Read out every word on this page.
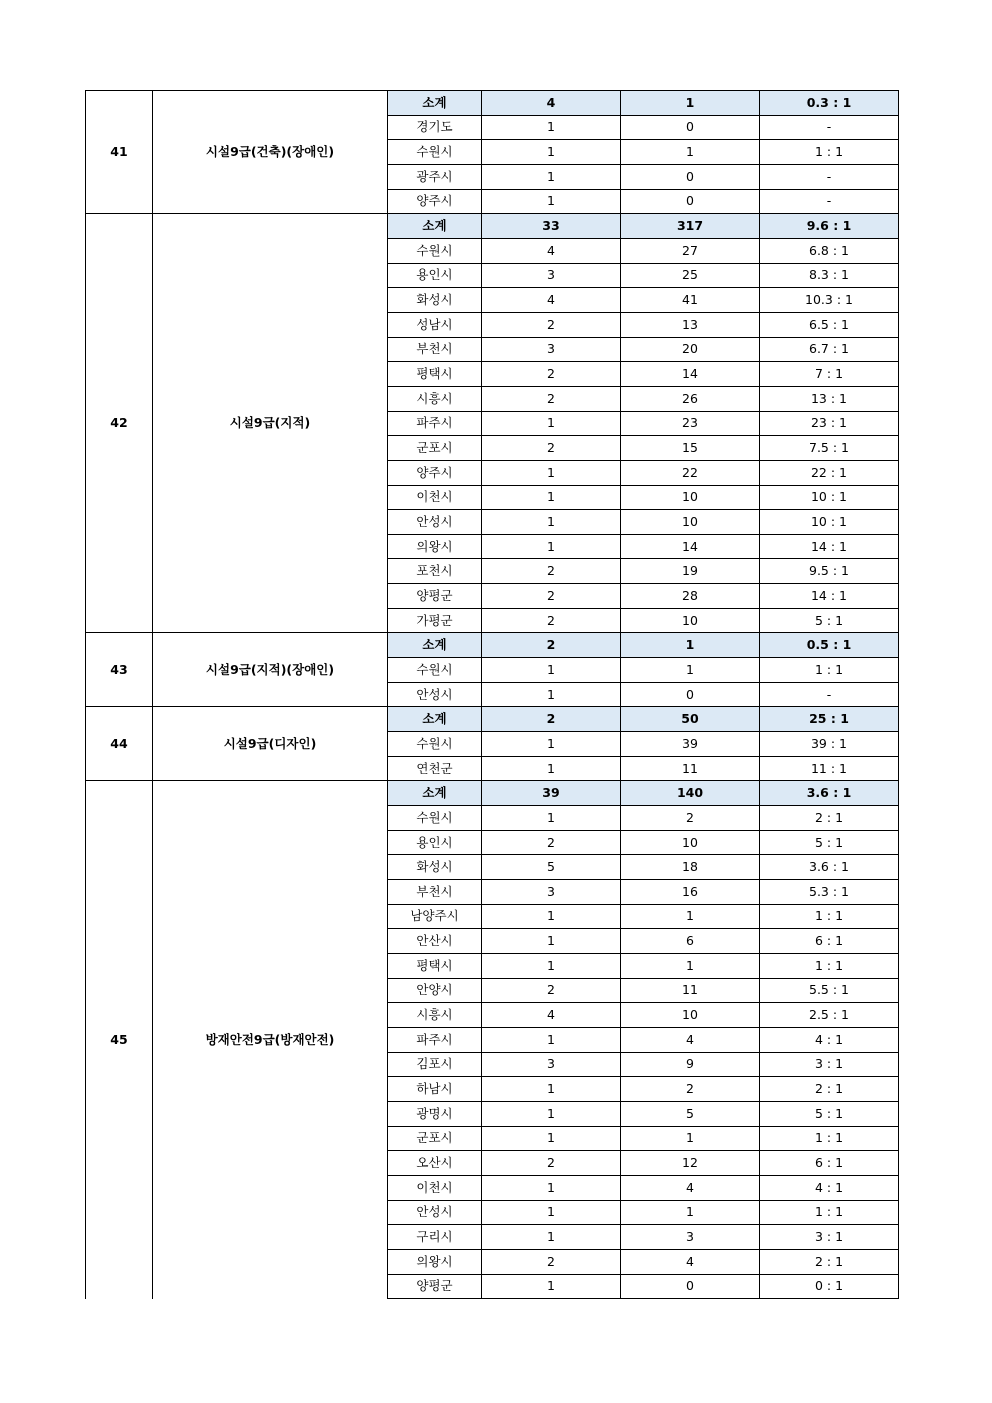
41	시설9급(건축)(장애인)	소계	4	1	0.3 : 1
		경기도	1	0	-
		수원시	1	1	1 : 1
		광주시	1	0	-
		양주시	1	0	-
42	시설9급(지적)	소계	33	317	9.6 : 1
		수원시	4	27	6.8 : 1
		용인시	3	25	8.3 : 1
		화성시	4	41	10.3 : 1
		성남시	2	13	6.5 : 1
		부천시	3	20	6.7 : 1
		평택시	2	14	7 : 1
		시흥시	2	26	13 : 1
		파주시	1	23	23 : 1
		군포시	2	15	7.5 : 1
		양주시	1	22	22 : 1
		이천시	1	10	10 : 1
		안성시	1	10	10 : 1
		의왕시	1	14	14 : 1
		포천시	2	19	9.5 : 1
		양평군	2	28	14 : 1
		가평군	2	10	5 : 1
43	시설9급(지적)(장애인)	소계	2	1	0.5 : 1
		수원시	1	1	1 : 1
		안성시	1	0	-
44	시설9급(디자인)	소계	2	50	25 : 1
		수원시	1	39	39 : 1
		연천군	1	11	11 : 1
45	방재안전9급(방재안전)	소계	39	140	3.6 : 1
		수원시	1	2	2 : 1
		용인시	2	10	5 : 1
		화성시	5	18	3.6 : 1
		부천시	3	16	5.3 : 1
		남양주시	1	1	1 : 1
		안산시	1	6	6 : 1
		평택시	1	1	1 : 1
		안양시	2	11	5.5 : 1
		시흥시	4	10	2.5 : 1
		파주시	1	4	4 : 1
		김포시	3	9	3 : 1
		하남시	1	2	2 : 1
		광명시	1	5	5 : 1
		군포시	1	1	1 : 1
		오산시	2	12	6 : 1
		이천시	1	4	4 : 1
		안성시	1	1	1 : 1
		구리시	1	3	3 : 1
		의왕시	2	4	2 : 1
		양평군	1	0	0 : 1
